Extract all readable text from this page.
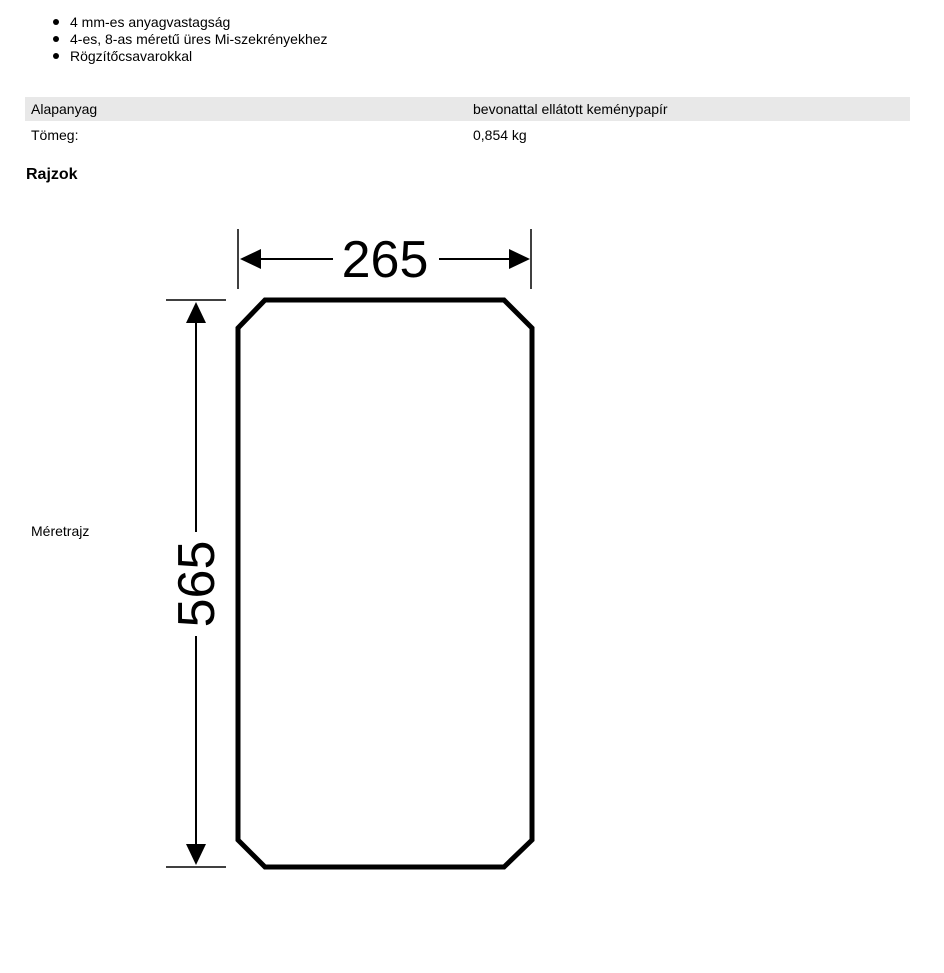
4 mm-es anyagvastagság
4-es, 8-as méretű üres Mi-szekrényekhez
Rögzítőcsavarokkal
Alapanyag	bevonattal ellátott keménypapír
Tömeg:	0,854 kg
Rajzok
Méretrajz
265
565
